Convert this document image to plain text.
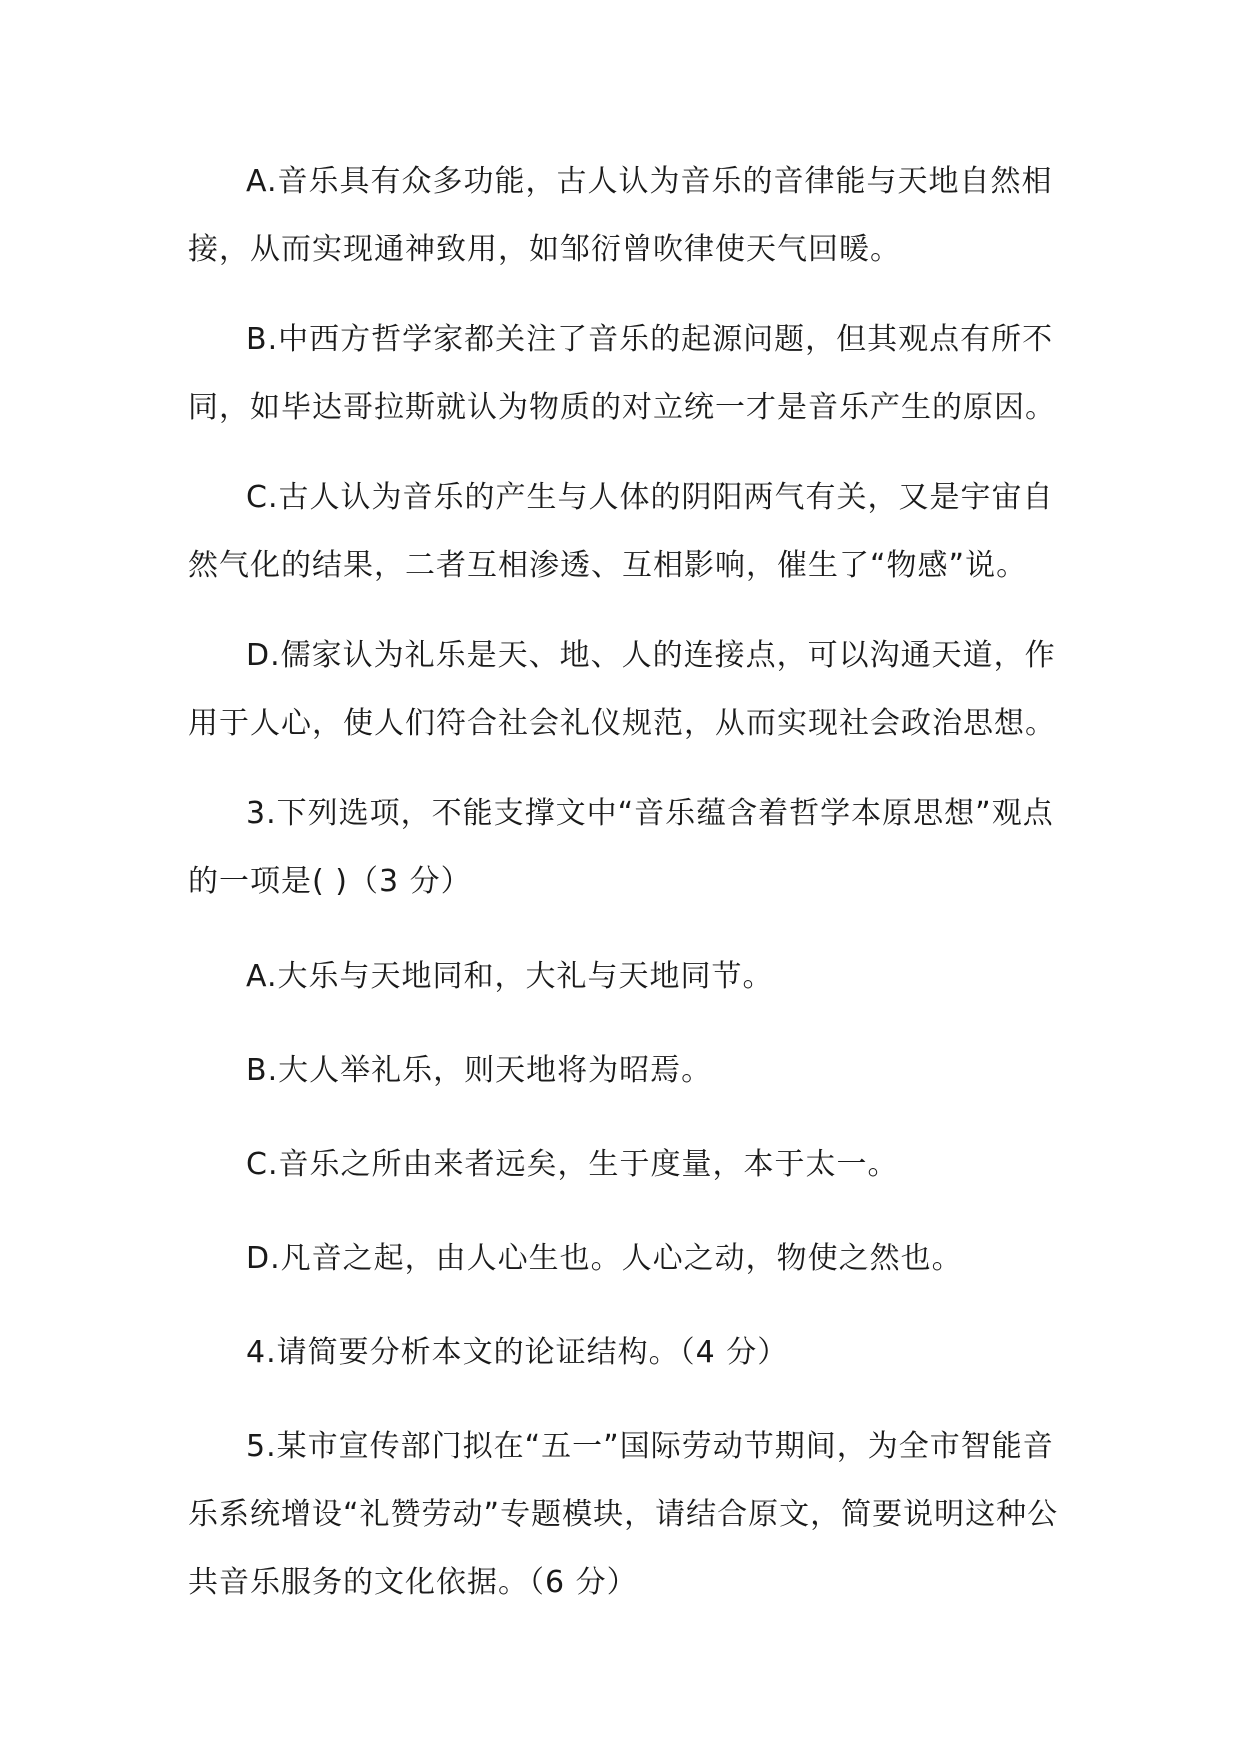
A.音乐具有众多功能，古人认为音乐的音律能与天地自然相接，从而实现通神致用，如邹衍曾吹律使天气回暖。

B.中西方哲学家都关注了音乐的起源问题，但其观点有所不同，如毕达哥拉斯就认为物质的对立统一才是音乐产生的原因。

C.古人认为音乐的产生与人体的阴阳两气有关，又是宇宙自然气化的结果，二者互相渗透、互相影响，催生了“物感”说。

D.儒家认为礼乐是天、地、人的连接点，可以沟通天道，作用于人心，使人们符合社会礼仪规范，从而实现社会政治思想。

3.下列选项，不能支撑文中“音乐蕴含着哲学本原思想”观点的一项是( )（3 分）

A.大乐与天地同和，大礼与天地同节。

B.大人举礼乐，则天地将为昭焉。

C.音乐之所由来者远矣，生于度量，本于太一。

D.凡音之起，由人心生也。人心之动，物使之然也。

4.请简要分析本文的论证结构。（4 分）

5.某市宣传部门拟在“五一”国际劳动节期间，为全市智能音乐系统增设“礼赞劳动”专题模块，请结合原文，简要说明这种公共音乐服务的文化依据。（6 分）
